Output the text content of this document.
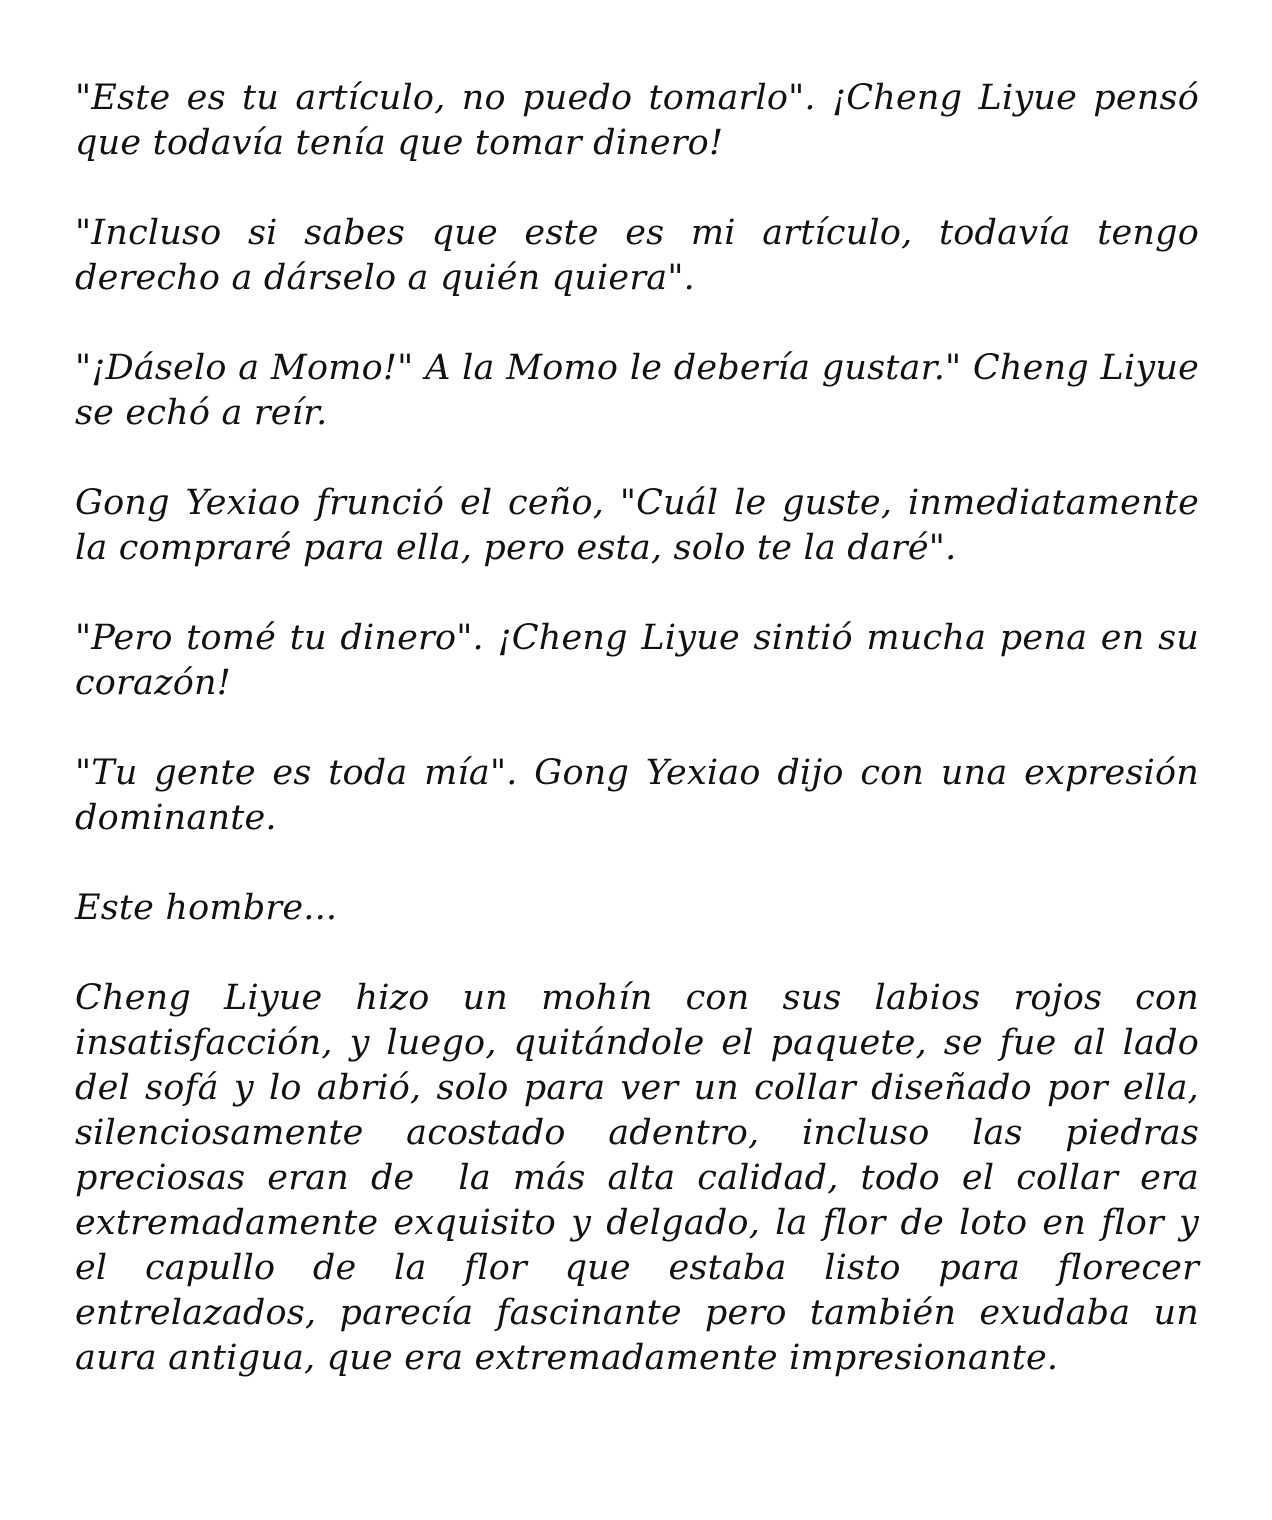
"Este es tu artículo, no puedo tomarlo". ¡Cheng Liyue pensó que todavía tenía que tomar dinero!

"Incluso si sabes que este es mi artículo, todavía tengo derecho a dárselo a quién quiera".

"¡Dáselo a Momo!" A la Momo le debería gustar." Cheng Liyue se echó a reír.

Gong Yexiao frunció el ceño, "Cuál le guste, inmediatamente la compraré para ella, pero esta, solo te la daré".

"Pero tomé tu dinero". ¡Cheng Liyue sintió mucha pena en su corazón!

"Tu gente es toda mía". Gong Yexiao dijo con una expresión dominante.

Este hombre...

Cheng Liyue hizo un mohín con sus labios rojos con insatisfacción, y luego, quitándole el paquete, se fue al lado del sofá y lo abrió, solo para ver un collar diseñado por ella, silenciosamente acostado adentro, incluso las piedras preciosas eran de  la más alta calidad, todo el collar era extremadamente exquisito y delgado, la flor de loto en flor y el capullo de la flor que estaba listo para florecer entrelazados, parecía fascinante pero también exudaba un aura antigua, que era extremadamente impresionante.
